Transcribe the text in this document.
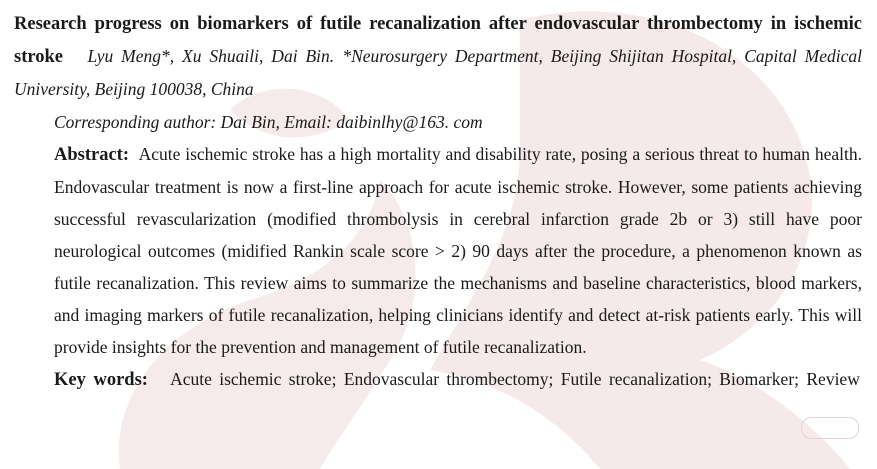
Research progress on biomarkers of futile recanalization after endovascular thrombectomy in ischemic stroke Lyu Meng*, Xu Shuaili, Dai Bin. *Neurosurgery Department, Beijing Shijitan Hospital, Capital Medical University, Beijing 100038, China
Corresponding author: Dai Bin, Email: daibinlhy@163. com
Abstract: Acute ischemic stroke has a high mortality and disability rate, posing a serious threat to human health. Endovascular treatment is now a first-line approach for acute ischemic stroke. However, some patients achieving successful revascularization (modified thrombolysis in cerebral infarction grade 2b or 3) still have poor neurological outcomes (midified Rankin scale score > 2) 90 days after the procedure, a phenomenon known as futile recanalization. This review aims to summarize the mechanisms and baseline characteristics, blood markers, and imaging markers of futile recanalization, helping clinicians identify and detect at-risk patients early. This will provide insights for the prevention and management of futile recanalization.
Key words: Acute ischemic stroke; Endovascular thrombectomy; Futile recanalization; Biomarker; Review
